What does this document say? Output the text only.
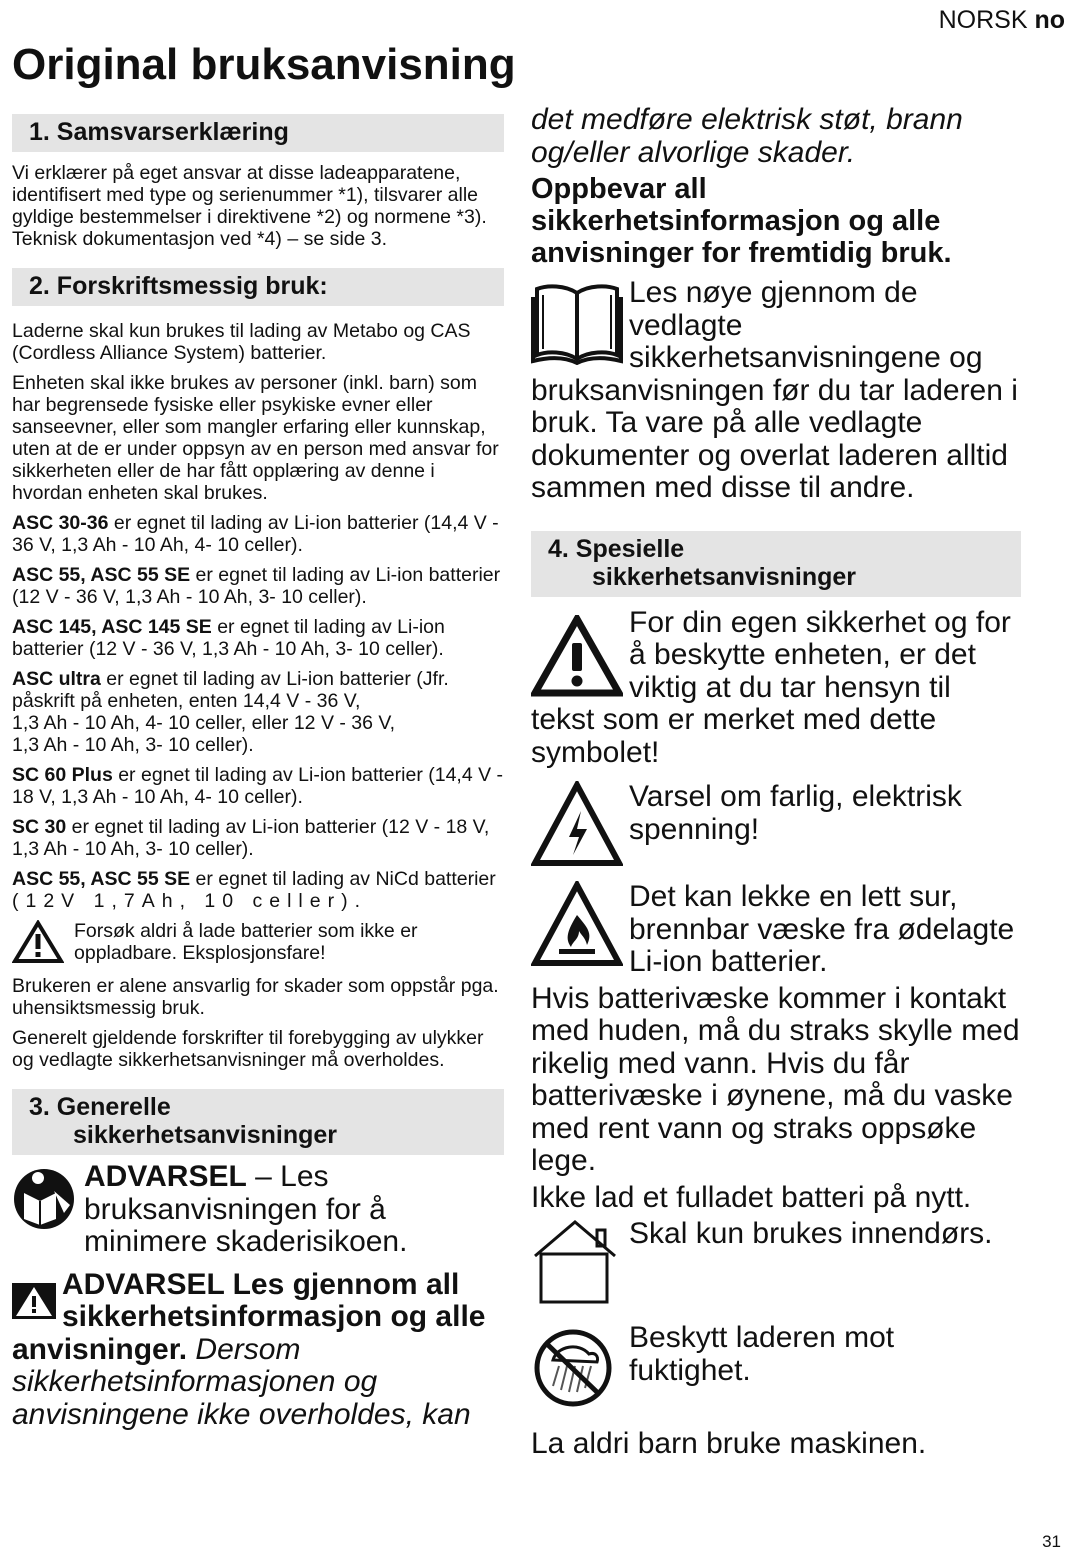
NORSK no
Original bruksanvisning
1. Samsvarserklæring

Vi erklærer på eget ansvar at disse ladeapparatene, identifisert med type og serienummer *1), tilsvarer alle gyldige bestemmelser i direktivene *2) og normene *3). Teknisk dokumentasjon ved *4) – se side 3.

2. Forskriftsmessig bruk:

Laderne skal kun brukes til lading av Metabo og CAS (Cordless Alliance System) batterier.

Enheten skal ikke brukes av personer (inkl. barn) som har begrensede fysiske eller psykiske evner eller sanseevner, eller som mangler erfaring eller kunnskap, uten at de er under oppsyn av en person med ansvar for sikkerheten eller de har fått opplæring av denne i hvordan enheten skal brukes.

ASC 30-36 er egnet til lading av Li-ion batterier (14,4 V - 36 V, 1,3 Ah - 10 Ah, 4- 10 celler).

ASC 55, ASC 55 SE er egnet til lading av Li-ion batterier
(12 V - 36 V, 1,3 Ah - 10 Ah, 3- 10 celler).

ASC 145, ASC 145 SE er egnet til lading av Li-ion batterier (12 V - 36 V, 1,3 Ah - 10 Ah, 3- 10 celler).

ASC ultra er egnet til lading av Li-ion batterier (Jfr. påskrift på enheten, enten 14,4 V - 36 V,
1,3 Ah - 10 Ah, 4- 10 celler, eller 12 V - 36 V,
1,3 Ah - 10 Ah, 3- 10 celler).

SC 60 Plus er egnet til lading av Li-ion batterier (14,4 V - 18 V, 1,3 Ah - 10 Ah, 4- 10 celler).

SC 30 er egnet til lading av Li-ion batterier (12 V - 18 V, 1,3 Ah - 10 Ah, 3- 10 celler).

ASC 55, ASC 55 SE er egnet til lading av NiCd batterier
(12V 1,7Ah, 10 celler).

Forsøk aldri å lade batterier som ikke er oppladbare. Eksplosjonsfare!

Brukeren er alene ansvarlig for skader som oppstår pga. uhensiktsmessig bruk.

Generelt gjeldende forskrifter til forebygging av ulykker og vedlagte sikkerhetsanvisninger må overholdes.

3. Generelle
sikkerhetsanvisninger

ADVARSEL – Les bruksanvisningen for å minimere skaderisikoen.

ADVARSEL Les gjennom all sikkerhetsinformasjon og alle anvisninger. Dersom sikkerhetsinformasjonen og anvisningene ikke overholdes, kan

det medføre elektrisk støt, brann og/eller alvorlige skader.

Oppbevar all sikkerhetsinformasjon og alle anvisninger for fremtidig bruk.

Les nøye gjennom de vedlagte sikkerhetsanvisningene og bruksanvisningen før du tar laderen i bruk. Ta vare på alle vedlagte dokumenter og overlat laderen alltid sammen med disse til andre.

4. Spesielle
sikkerhetsanvisninger

For din egen sikkerhet og for å beskytte enheten, er det viktig at du tar hensyn til tekst som er merket med dette symbolet!

Varsel om farlig, elektrisk spenning!

Det kan lekke en lett sur, brennbar væske fra ødelagte Li-ion batterier.

Hvis batterivæske kommer i kontakt med huden, må du straks skylle med rikelig med vann. Hvis du får batterivæske i øynene, må du vaske med rent vann og straks oppsøke lege.

Ikke lad et fulladet batteri på nytt.

Skal kun brukes innendørs.

Beskytt laderen mot fuktighet.

La aldri barn bruke maskinen.

31
